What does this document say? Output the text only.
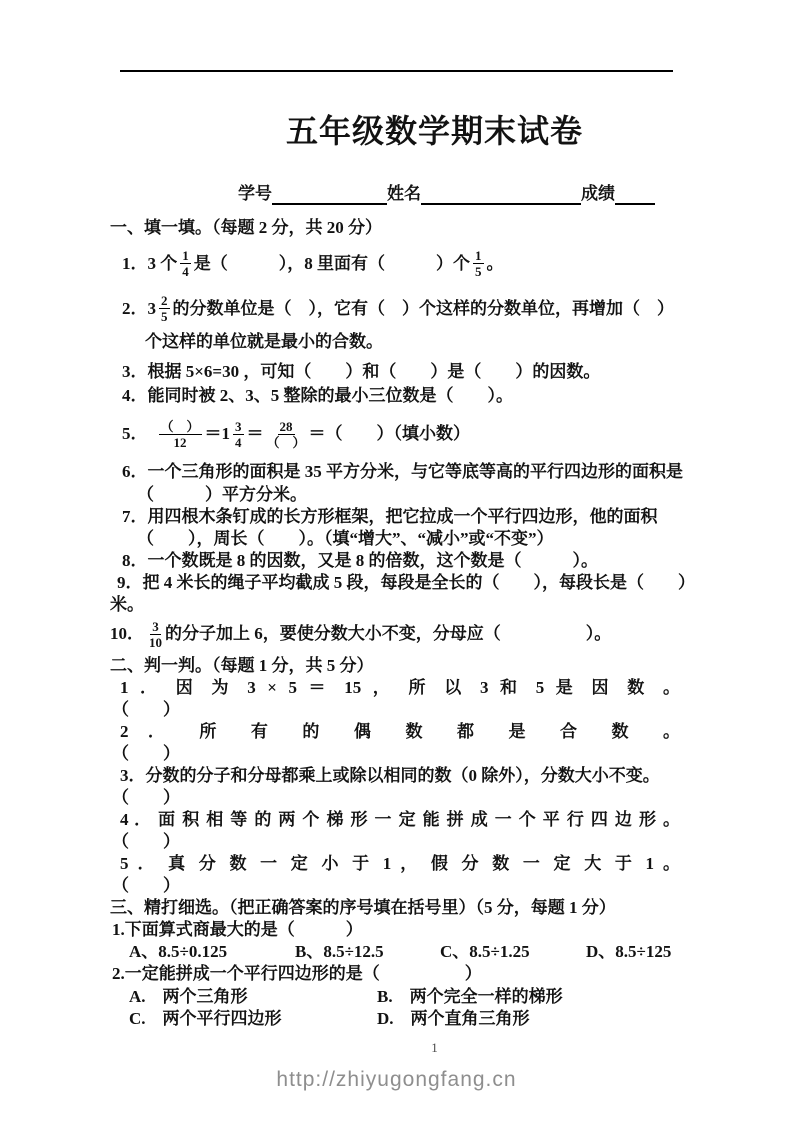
五年级数学期末试卷
学号	姓名	成绩
一、填一填。（每题 2 分，共 20 分）
1． 3 个 $\frac{1}{4}$ 是（　　　），8 里面有（　　　）个 $\frac{1}{5}$ 。
2． $3 \frac{2}{5}$ 的分数单位是（　），它有（　）个这样的分数单位，再增加（　）
个这样的单位就是最小的合数。
3．根据 5×6=30 ，可知（　　）和（　　）是（　　）的因数。
4．能同时被 2、3、5 整除的最小三位数是（　　）。
5． $\frac{( )}{12} =1 \frac{3}{4} = \frac{28}{( )}$ ＝（　　）（填小数）
6．一个三角形的面积是 35 平方分米，与它等底等高的平行四边形的面积是
（　　　）平方分米。
7．用四根木条钉成的长方形框架，把它拉成一个平行四边形，他的面积
（　　），周长（　　）。（填“增大”、“减小”或“不变”）
8．一个数既是 8 的因数，又是 8 的倍数，这个数是（　　　）。
9．把 4 米长的绳子平均截成 5 段，每段是全长的（　　），每段长是（　　）
米。
10． $\frac{3}{10}$ 的分子加上 6，要使分数大小不变，分母应（　　　　　）。
二、判一判。（每题 1 分，共 5 分）
1 ． 因 为 3 × 5 ＝ 15 ， 所 以 3 和 5 是 因 数 。
（　　）
2 ． 所 有 的 偶 数 都 是 合 数 。
（　　）
3．分数的分子和分母都乘上或除以相同的数（0 除外），分数大小不变。
（　　）
4 ． 面 积 相 等 的 两 个 梯 形 一 定 能 拼 成 一 个 平 行 四 边 形 。
（　　）
5 ． 真 分 数 一 定 小 于 1 ， 假 分 数 一 定 大 于 1 。
（　　）
三、精打细选。（把正确答案的序号填在括号里）（5 分，每题 1 分）
1.下面算式商最大的是（　　　）
A、8.5÷0.125	B、8.5÷12.5	C、8.5÷1.25	D、8.5÷125
2.一定能拼成一个平行四边形的是（　　　　　）
A.　两个三角形	B.　两个完全一样的梯形
C.　两个平行四边形	D.　两个直角三角形
1
http://zhiyugongfang.cn
